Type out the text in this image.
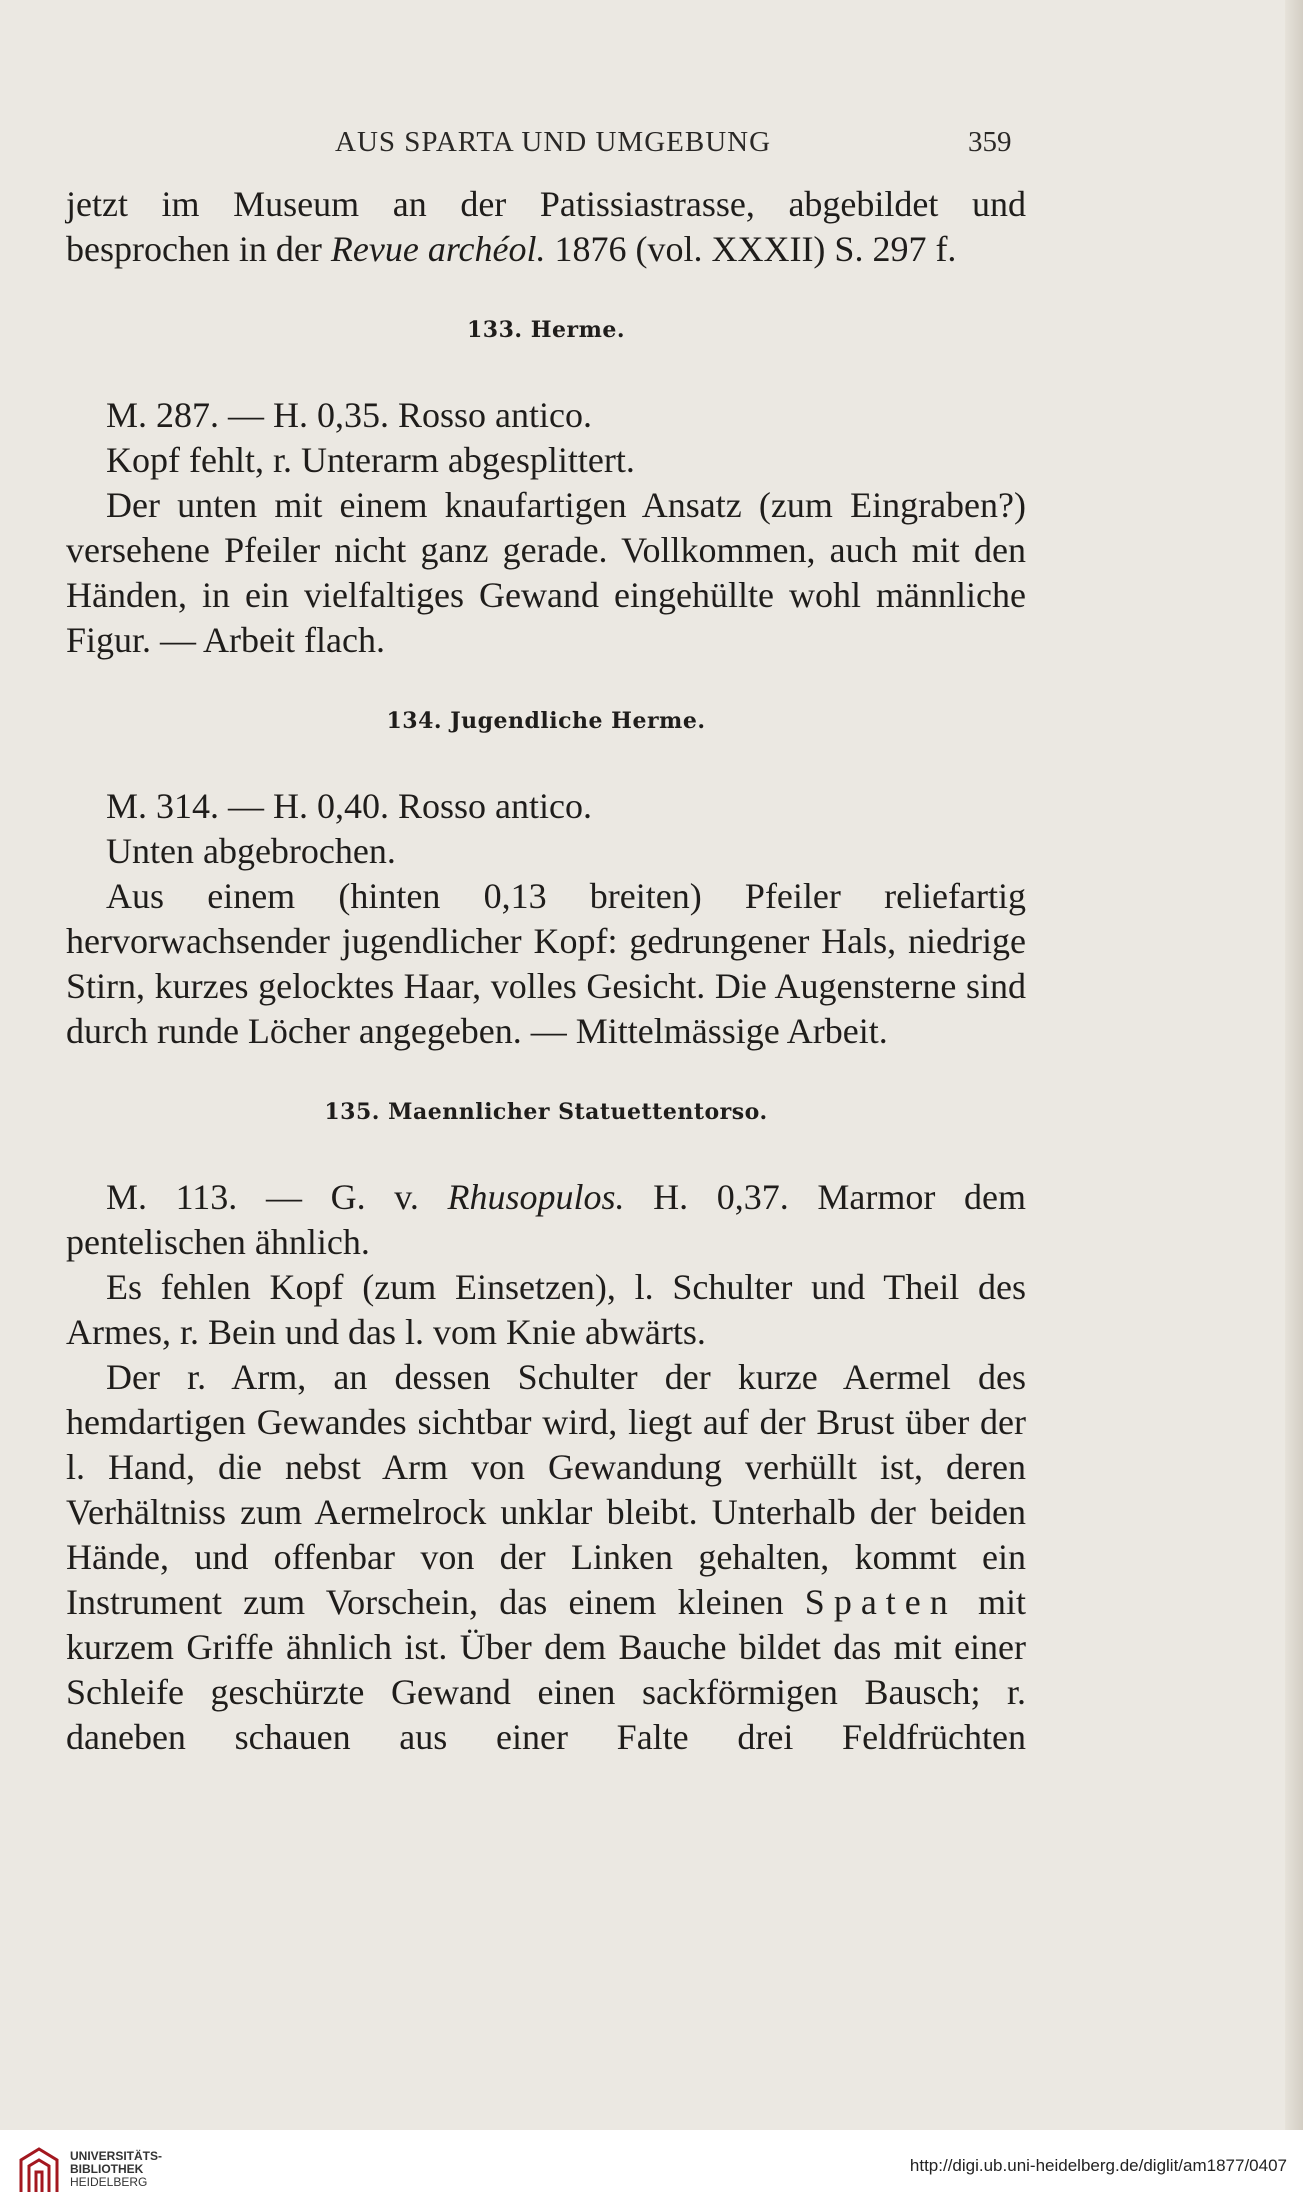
AUS SPARTA UND UMGEBUNG	359

jetzt im Museum an der Patissiastrasse, abgebildet und besprochen in der Revue archéol. 1876 (vol. XXXII) S. 297 f.

133. Herme.

M. 287. — H. 0,35. Rosso antico.

Kopf fehlt, r. Unterarm abgesplittert.

Der unten mit einem knaufartigen Ansatz (zum Eingraben?) versehene Pfeiler nicht ganz gerade. Vollkommen, auch mit den Händen, in ein vielfaltiges Gewand eingehüllte wohl männliche Figur. — Arbeit flach.

134. Jugendliche Herme.

M. 314. — H. 0,40. Rosso antico.

Unten abgebrochen.

Aus einem (hinten 0,13 breiten) Pfeiler reliefartig hervorwachsender jugendlicher Kopf: gedrungener Hals, niedrige Stirn, kurzes gelocktes Haar, volles Gesicht. Die Augensterne sind durch runde Löcher angegeben. — Mittelmässige Arbeit.

135. Maennlicher Statuettentorso.

M. 113. — G. v. Rhusopulos. H. 0,37. Marmor dem pentelischen ähnlich.

Es fehlen Kopf (zum Einsetzen), l. Schulter und Theil des Armes, r. Bein und das l. vom Knie abwärts.

Der r. Arm, an dessen Schulter der kurze Aermel des hemdartigen Gewandes sichtbar wird, liegt auf der Brust über der l. Hand, die nebst Arm von Gewandung verhüllt ist, deren Verhältniss zum Aermelrock unklar bleibt. Unterhalb der beiden Hände, und offenbar von der Linken gehalten, kommt ein Instrument zum Vorschein, das einem kleinen Spaten mit kurzem Griffe ähnlich ist. Über dem Bauche bildet das mit einer Schleife geschürzte Gewand einen sackförmigen Bausch; r. daneben schauen aus einer Falte drei Feldfrüchten

UNIVERSITÄTS-
BIBLIOTHEK
HEIDELBERG
http://digi.ub.uni-heidelberg.de/diglit/am1877/0407
